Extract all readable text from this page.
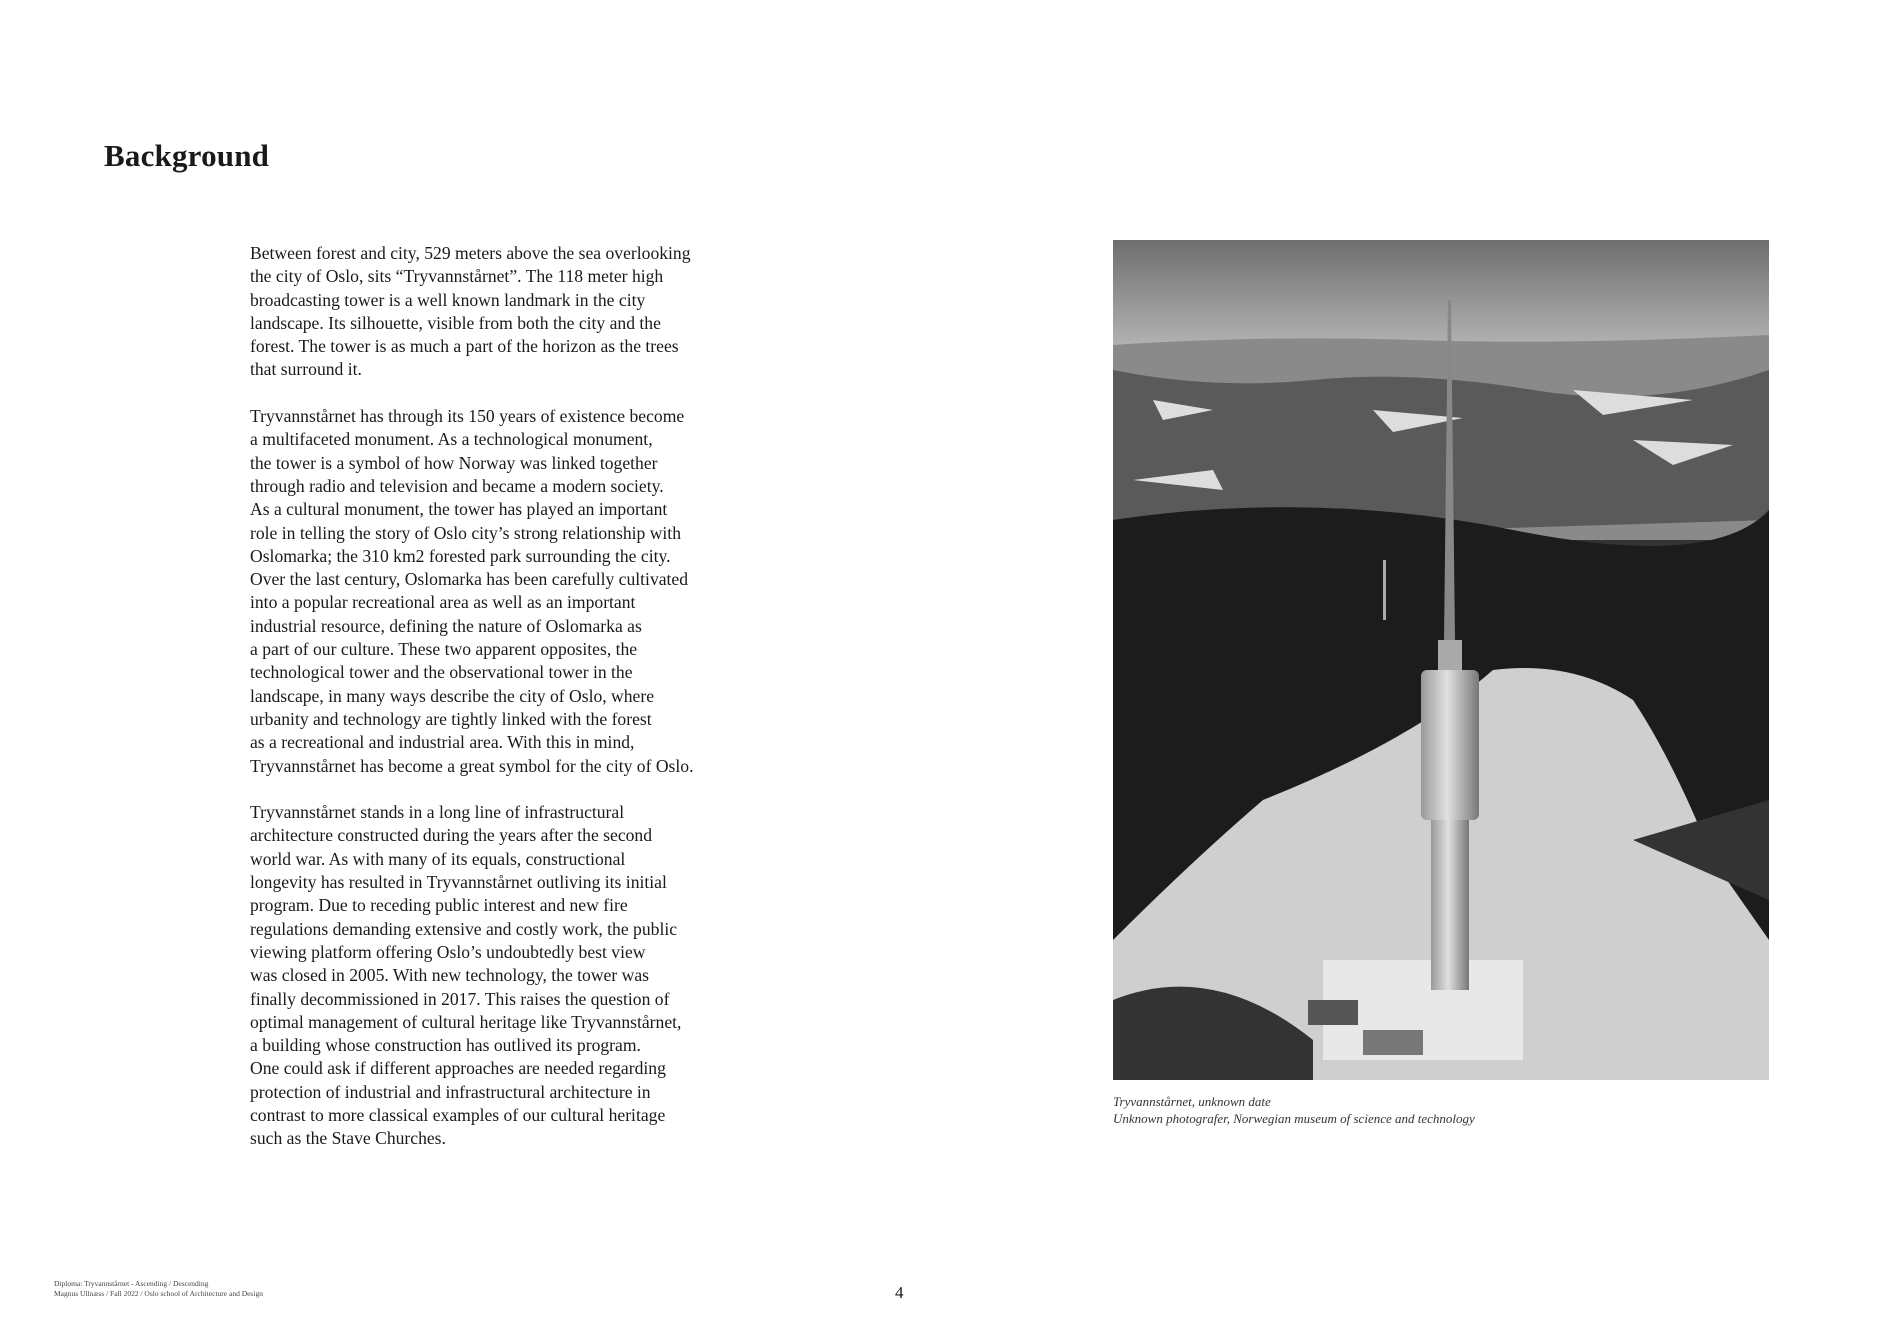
Background
Between forest and city, 529 meters above the sea overlooking
the city of Oslo, sits “Tryvannstårnet”. The 118 meter high
broadcasting tower is a well known landmark in the city
landscape. Its silhouette, visible from both the city and the
forest. The tower is as much a part of the horizon as the trees
that surround it.
Tryvannstårnet has through its 150 years of existence become
a multifaceted monument. As a technological monument,
the tower is a symbol of how Norway was linked together
through radio and television and became a modern society.
As a cultural monument, the tower has played an important
role in telling the story of Oslo city’s strong relationship with
Oslomarka; the 310 km2 forested park surrounding the city.
Over the last century, Oslomarka has been carefully cultivated
into a popular recreational area as well as an important
industrial resource, defining the nature of Oslomarka as
a part of our culture. These two apparent opposites, the
technological tower and the observational tower in the
landscape, in many ways describe the city of Oslo, where
urbanity and technology are tightly linked with the forest
as a recreational and industrial area. With this in mind,
Tryvannstårnet has become a great symbol for the city of Oslo.
Tryvannstårnet stands in a long line of infrastructural
architecture constructed during the years after the second
world war. As with many of its equals, constructional
longevity has resulted in Tryvannstårnet outliving its initial
program. Due to receding public interest and new fire
regulations demanding extensive and costly work, the public
viewing platform offering Oslo’s undoubtedly best view
was closed in 2005. With new technology, the tower was
finally decommissioned in 2017. This raises the question of
optimal management of cultural heritage like Tryvannstårnet,
a building whose construction has outlived its program.
One could ask if different approaches are needed regarding
protection of industrial and infrastructural architecture in
contrast to more classical examples of our cultural heritage
such as the Stave Churches.
Tryvannstårnet, unknown date
Unknown photografer, Norwegian museum of science and technology
Diploma: Tryvannstårnet - Ascending / Descending
Magnus Ullnæss / Fall 2022 / Oslo school of Architecture and Design	4
